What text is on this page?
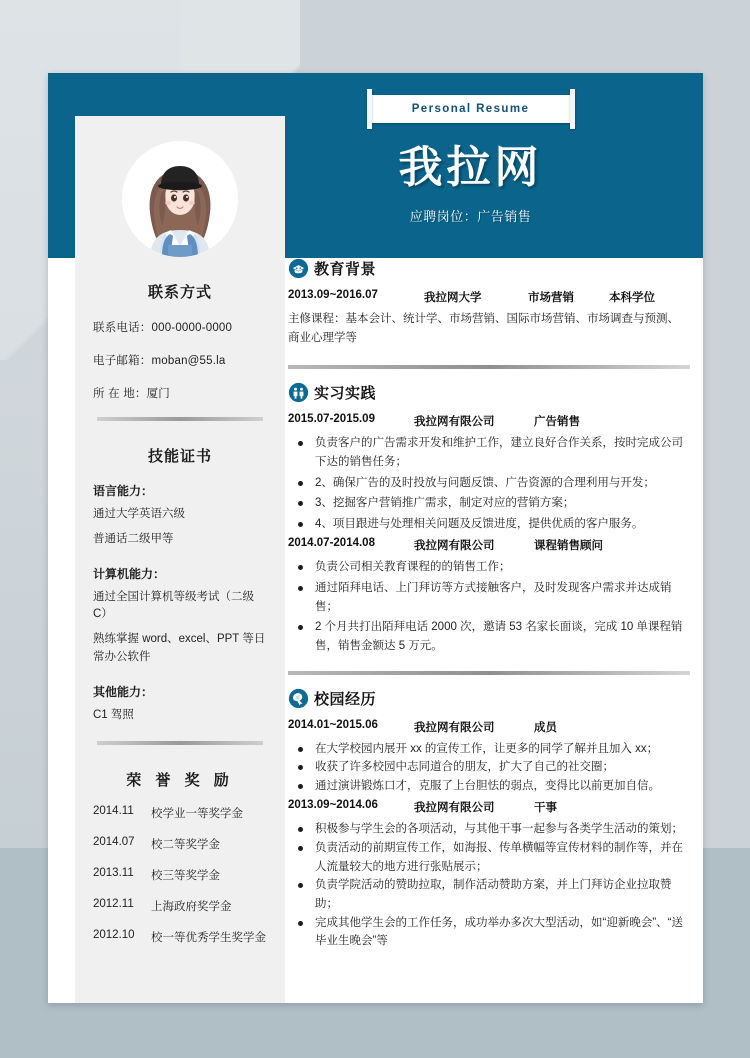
Personal Resume
我拉网
应聘岗位：广告销售
联系方式
联系电话：000-0000-0000
电子邮箱：moban@55.la
所 在 地：厦门
技能证书
语言能力：
通过大学英语六级
普通话二级甲等
计算机能力：
通过全国计算机等级考试（二级 C）
熟练掌握 word、excel、PPT 等日常办公软件
其他能力：
C1 驾照
荣 誉 奖 励
2014.11	校学业一等奖学金
2014.07	校二等奖学金
2013.11	校三等奖学金
2012.11	上海政府奖学金
2012.10	校一等优秀学生奖学金
教育背景
2013.09~2016.07	我拉网大学	市场营销	本科学位
主修课程：基本会计、统计学、市场营销、国际市场营销、市场调查与预测、商业心理学等
实习实践
2015.07-2015.09	我拉网有限公司	广告销售
负责客户的广告需求开发和维护工作，建立良好合作关系，按时完成公司下达的销售任务；
2、确保广告的及时投放与问题反馈、广告资源的合理利用与开发；
3、挖掘客户营销推广需求，制定对应的营销方案；
4、项目跟进与处理相关问题及反馈进度，提供优质的客户服务。
2014.07-2014.08	我拉网有限公司	课程销售顾问
负责公司相关教育课程的的销售工作；
通过陌拜电话、上门拜访等方式接触客户，及时发现客户需求并达成销售；
2 个月共打出陌拜电话 2000 次，邀请 53 名家长面谈，完成 10 单课程销售，销售金额达 5 万元。
校园经历
2014.01~2015.06	我拉网有限公司	成员
在大学校园内展开 xx 的宣传工作，让更多的同学了解并且加入 xx；
收获了许多校园中志同道合的朋友，扩大了自己的社交圈；
通过演讲锻炼口才，克服了上台胆怯的弱点，变得比以前更加自信。
2013.09~2014.06	我拉网有限公司	干事
积极参与学生会的各项活动，与其他干事一起参与各类学生活动的策划；
负责活动的前期宣传工作，如海报、传单横幅等宣传材料的制作等，并在人流量较大的地方进行张贴展示；
负责学院活动的赞助拉取，制作活动赞助方案，并上门拜访企业拉取赞助；
完成其他学生会的工作任务，成功举办多次大型活动，如“迎新晚会”、“送毕业生晚会”等
